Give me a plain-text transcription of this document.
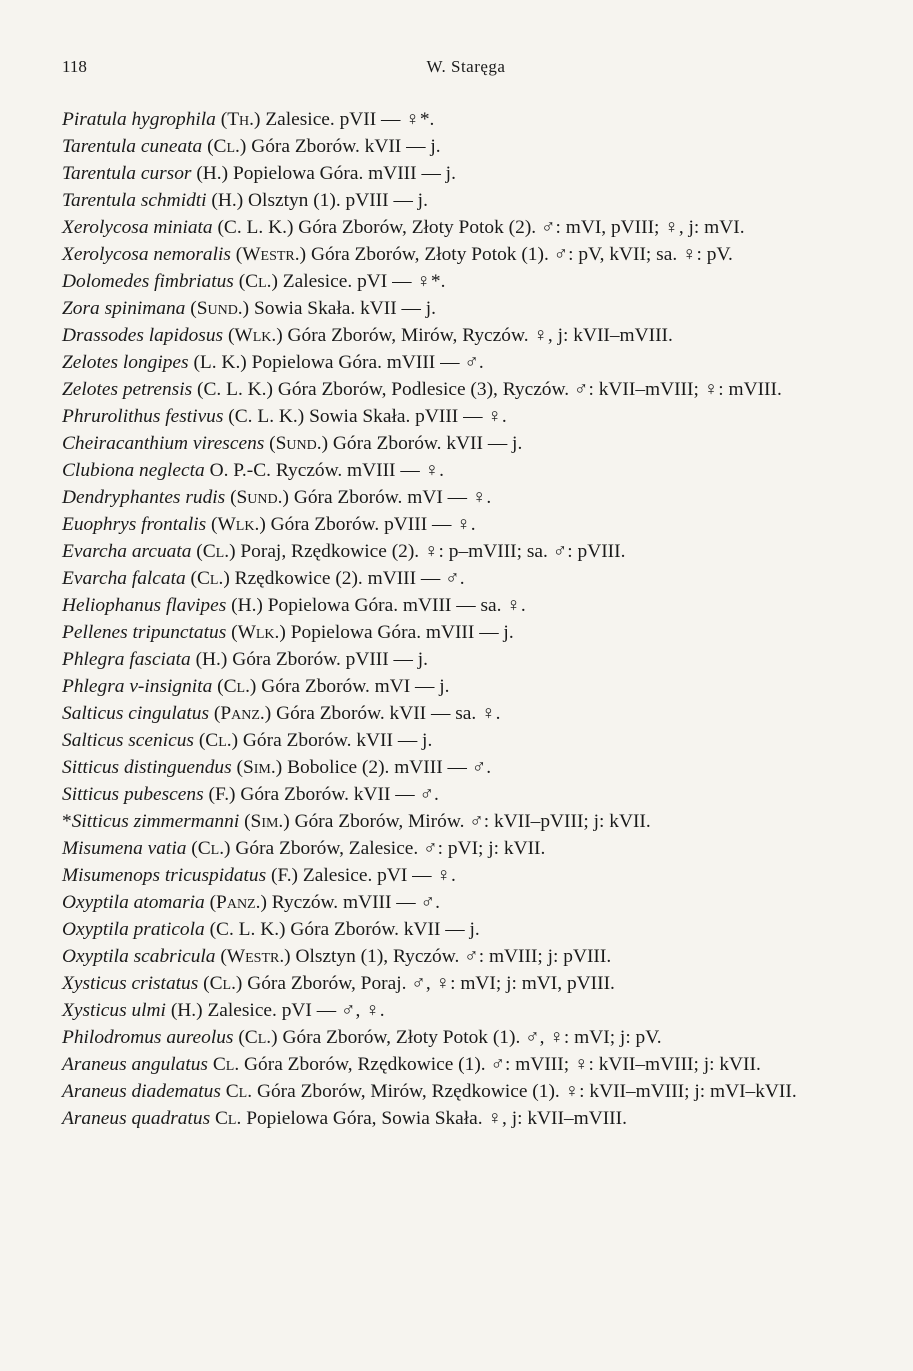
118	W. Staręga
Piratula hygrophila (Th.) Zalesice. pVII — ♀*.
Tarentula cuneata (Cl.) Góra Zborów. kVII — j.
Tarentula cursor (H.) Popielowa Góra. mVIII — j.
Tarentula schmidti (H.) Olsztyn (1). pVIII — j.
Xerolycosa miniata (C. L. K.) Góra Zborów, Złoty Potok (2). ♂: mVI, pVIII; ♀, j: mVI.
Xerolycosa nemoralis (Westr.) Góra Zborów, Złoty Potok (1). ♂: pV, kVII; sa. ♀: pV.
Dolomedes fimbriatus (Cl.) Zalesice. pVI — ♀*.
Zora spinimana (Sund.) Sowia Skała. kVII — j.
Drassodes lapidosus (Wlk.) Góra Zborów, Mirów, Ryczów. ♀, j: kVII–mVIII.
Zelotes longipes (L. K.) Popielowa Góra. mVIII — ♂.
Zelotes petrensis (C. L. K.) Góra Zborów, Podlesice (3), Ryczów. ♂: kVII–mVIII; ♀: mVIII.
Phrurolithus festivus (C. L. K.) Sowia Skała. pVIII — ♀.
Cheiracanthium virescens (Sund.) Góra Zborów. kVII — j.
Clubiona neglecta O. P.-C. Ryczów. mVIII — ♀.
Dendryphantes rudis (Sund.) Góra Zborów. mVI — ♀.
Euophrys frontalis (Wlk.) Góra Zborów. pVIII — ♀.
Evarcha arcuata (Cl.) Poraj, Rzędkowice (2). ♀: p–mVIII; sa. ♂: pVIII.
Evarcha falcata (Cl.) Rzędkowice (2). mVIII — ♂.
Heliophanus flavipes (H.) Popielowa Góra. mVIII — sa. ♀.
Pellenes tripunctatus (Wlk.) Popielowa Góra. mVIII — j.
Phlegra fasciata (H.) Góra Zborów. pVIII — j.
Phlegra v-insignita (Cl.) Góra Zborów. mVI — j.
Salticus cingulatus (Panz.) Góra Zborów. kVII — sa. ♀.
Salticus scenicus (Cl.) Góra Zborów. kVII — j.
Sitticus distinguendus (Sim.) Bobolice (2). mVIII — ♂.
Sitticus pubescens (F.) Góra Zborów. kVII — ♂.
*Sitticus zimmermanni (Sim.) Góra Zborów, Mirów. ♂: kVII–pVIII; j: kVII.
Misumena vatia (Cl.) Góra Zborów, Zalesice. ♂: pVI; j: kVII.
Misumenops tricuspidatus (F.) Zalesice. pVI — ♀.
Oxyptila atomaria (Panz.) Ryczów. mVIII — ♂.
Oxyptila praticola (C. L. K.) Góra Zborów. kVII — j.
Oxyptila scabricula (Westr.) Olsztyn (1), Ryczów. ♂: mVIII; j: pVIII.
Xysticus cristatus (Cl.) Góra Zborów, Poraj. ♂, ♀: mVI; j: mVI, pVIII.
Xysticus ulmi (H.) Zalesice. pVI — ♂, ♀.
Philodromus aureolus (Cl.) Góra Zborów, Złoty Potok (1). ♂, ♀: mVI; j: pV.
Araneus angulatus Cl. Góra Zborów, Rzędkowice (1). ♂: mVIII; ♀: kVII–mVIII; j: kVII.
Araneus diadematus Cl. Góra Zborów, Mirów, Rzędkowice (1). ♀: kVII–mVIII; j: mVI–kVII.
Araneus quadratus Cl. Popielowa Góra, Sowia Skała. ♀, j: kVII–mVIII.
